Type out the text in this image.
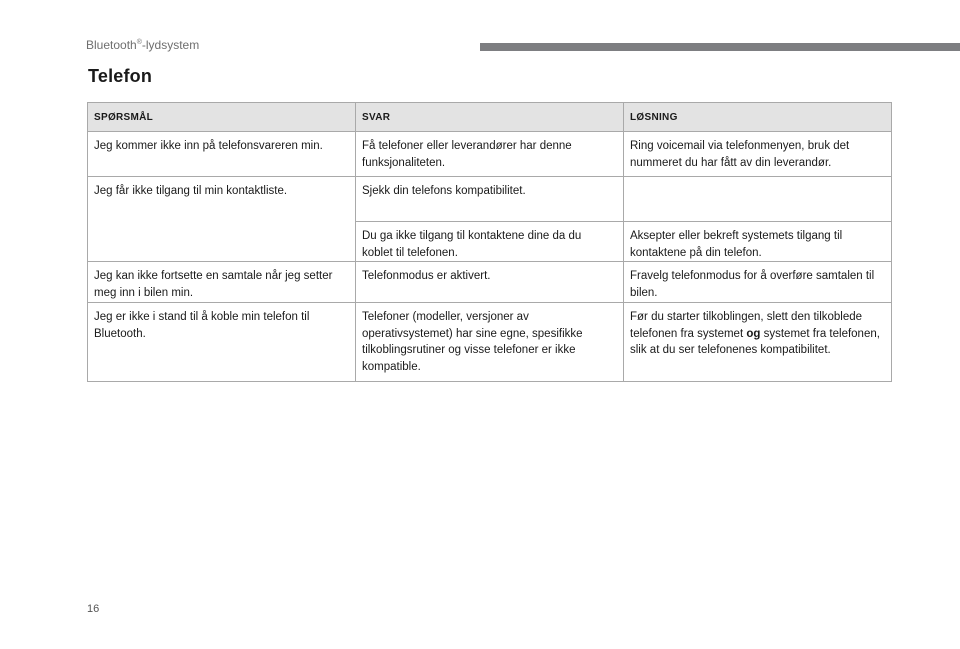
Bluetooth®-lydsystem
Telefon
SPØRSMÅL	SVAR	LØSNING
Jeg kommer ikke inn på telefonsvareren min.	Få telefoner eller leverandører har denne funksjonaliteten.	Ring voicemail via telefonmenyen, bruk det nummeret du har fått av din leverandør.
Jeg får ikke tilgang til min kontaktliste.	Sjekk din telefons kompatibilitet.	
	Du ga ikke tilgang til kontaktene dine da du koblet til telefonen.	Aksepter eller bekreft systemets tilgang til kontaktene på din telefon.
Jeg kan ikke fortsette en samtale når jeg setter meg inn i bilen min.	Telefonmodus er aktivert.	Fravelg telefonmodus for å overføre samtalen til bilen.
Jeg er ikke i stand til å koble min telefon til Bluetooth.	Telefoner (modeller, versjoner av operativsystemet) har sine egne, spesifikke tilkoblingsrutiner og visse telefoner er ikke kompatible.	Før du starter tilkoblingen, slett den tilkoblede telefonen fra systemet og systemet fra telefonen, slik at du ser telefonenes kompatibilitet.
16
